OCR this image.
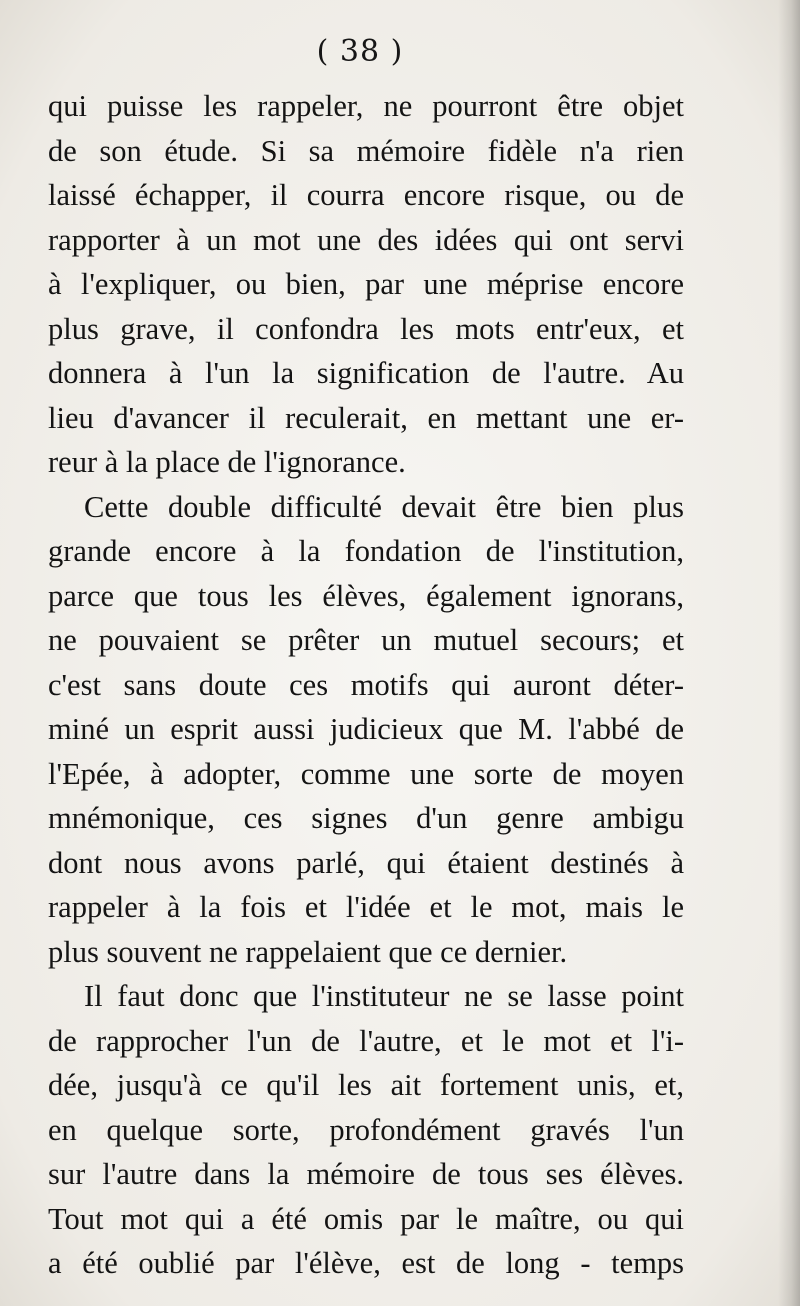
( 38 )
qui puisse les rappeler, ne pourront être objet
de son étude. Si sa mémoire fidèle n'a rien
laissé échapper, il courra encore risque, ou de
rapporter à un mot une des idées qui ont servi
à l'expliquer, ou bien, par une méprise encore
plus grave, il confondra les mots entr'eux, et
donnera à l'un la signification de l'autre. Au
lieu d'avancer il reculerait, en mettant une er-
reur à la place de l'ignorance.
Cette double difficulté devait être bien plus
grande encore à la fondation de l'institution,
parce que tous les élèves, également ignorans,
ne pouvaient se prêter un mutuel secours; et
c'est sans doute ces motifs qui auront déter-
miné un esprit aussi judicieux que M. l'abbé de
l'Epée, à adopter, comme une sorte de moyen
mnémonique, ces signes d'un genre ambigu
dont nous avons parlé, qui étaient destinés à
rappeler à la fois et l'idée et le mot, mais le
plus souvent ne rappelaient que ce dernier.
Il faut donc que l'instituteur ne se lasse point
de rapprocher l'un de l'autre, et le mot et l'i-
dée, jusqu'à ce qu'il les ait fortement unis, et,
en quelque sorte, profondément gravés l'un
sur l'autre dans la mémoire de tous ses élèves.
Tout mot qui a été omis par le maître, ou qui
a été oublié par l'élève, est de long - temps
